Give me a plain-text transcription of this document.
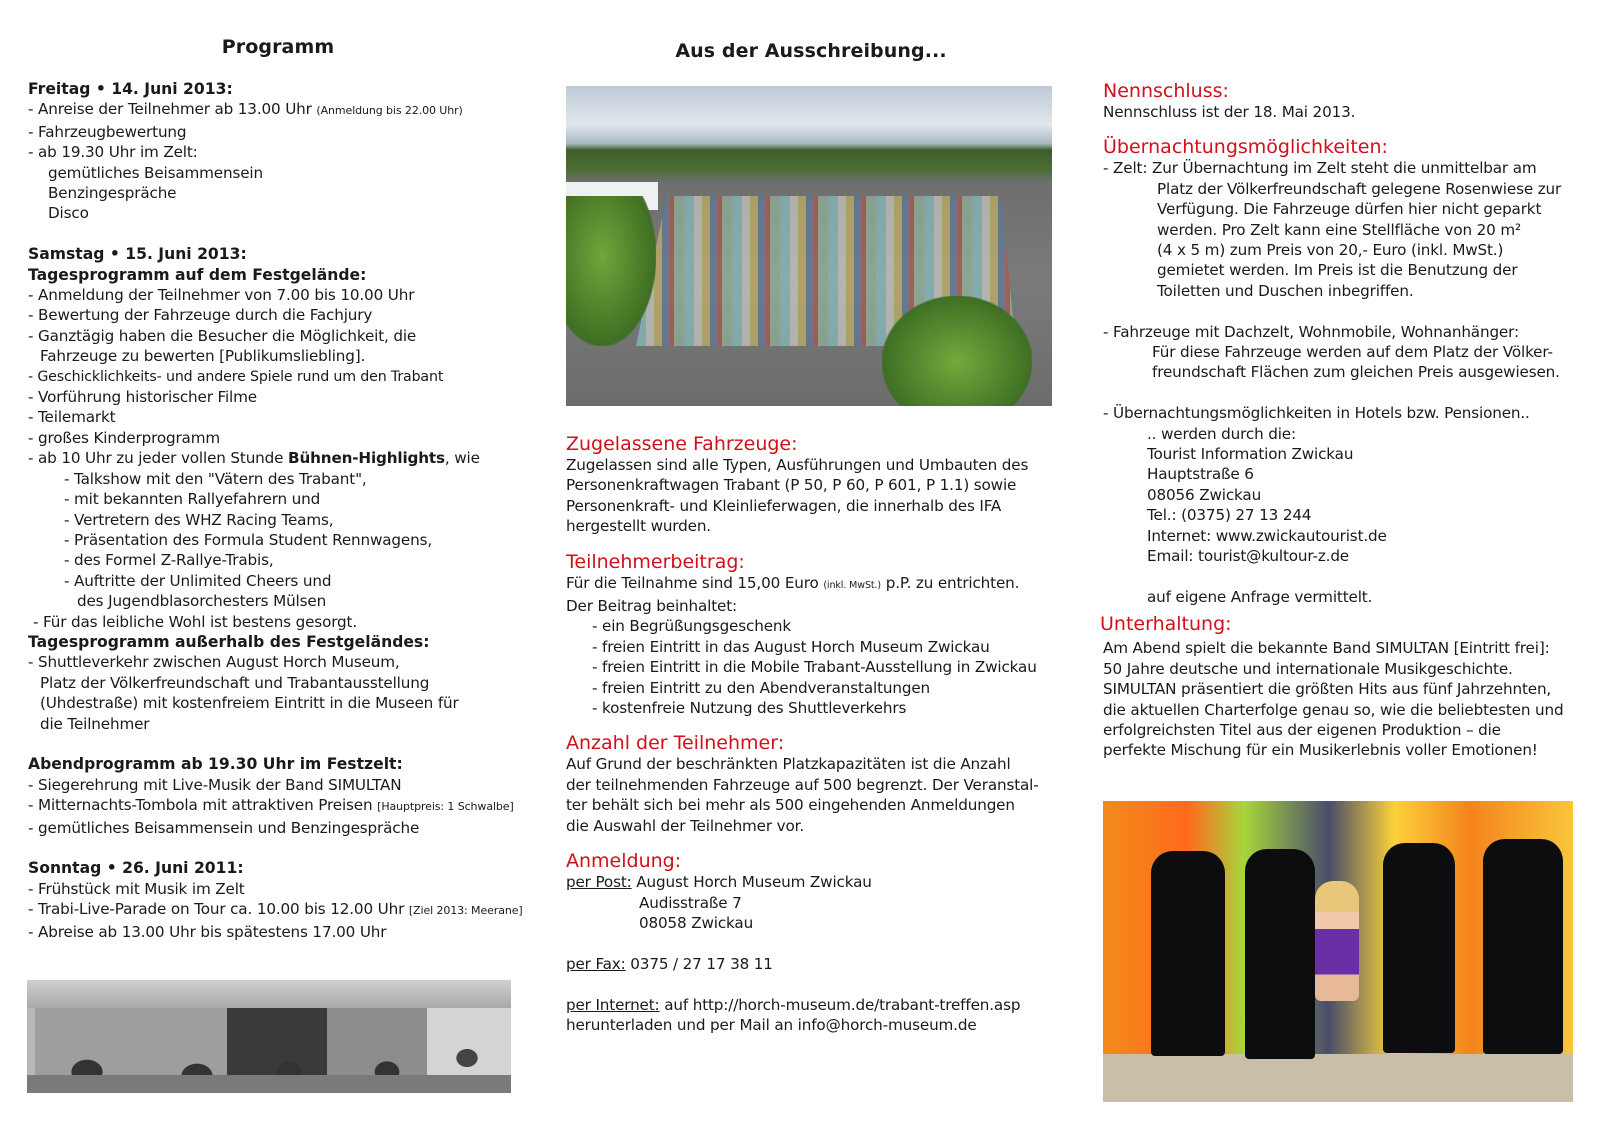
Programm
Freitag • 14. Juni 2013:
- Anreise der Teilnehmer ab 13.00 Uhr (Anmeldung bis 22.00 Uhr)
- Fahrzeugbewertung
- ab 19.30 Uhr im Zelt:
gemütliches Beisammensein
Benzingespräche
Disco
Samstag • 15. Juni 2013:
Tagesprogramm auf dem Festgelände:
- Anmeldung der Teilnehmer von 7.00 bis 10.00 Uhr
- Bewertung der Fahrzeuge durch die Fachjury
- Ganztägig haben die Besucher die Möglichkeit, die
Fahrzeuge zu bewerten [Publikumsliebling].
- Geschicklichkeits- und andere Spiele rund um den Trabant
- Vorführung historischer Filme
- Teilemarkt
- großes Kinderprogramm
- ab 10 Uhr zu jeder vollen Stunde Bühnen-Highlights, wie
- Talkshow mit den "Vätern des Trabant",
- mit bekannten Rallyefahrern und
- Vertretern des WHZ Racing Teams,
- Präsentation des Formula Student Rennwagens,
- des Formel Z-Rallye-Trabis,
- Auftritte der Unlimited Cheers und
des Jugendblasorchesters Mülsen
- Für das leibliche Wohl ist bestens gesorgt.
Tagesprogramm außerhalb des Festgeländes:
- Shuttleverkehr zwischen August Horch Museum,
Platz der Völkerfreundschaft und Trabantausstellung
(Uhdestraße) mit kostenfreiem Eintritt in die Museen für
die Teilnehmer
Abendprogramm ab 19.30 Uhr im Festzelt:
- Siegerehrung mit Live-Musik der Band SIMULTAN
- Mitternachts-Tombola mit attraktiven Preisen [Hauptpreis: 1 Schwalbe]
- gemütliches Beisammensein und Benzingespräche
Sonntag • 26. Juni 2011:
- Frühstück mit Musik im Zelt
- Trabi-Live-Parade on Tour ca. 10.00 bis 12.00 Uhr [Ziel 2013: Meerane]
- Abreise ab 13.00 Uhr bis spätestens 17.00 Uhr
Aus der Ausschreibung...
Zugelassene Fahrzeuge:
Zugelassen sind alle Typen, Ausführungen und Umbauten des
Personenkraftwagen Trabant (P 50, P 60, P 601, P 1.1) sowie
Personenkraft- und Kleinlieferwagen, die innerhalb des IFA
hergestellt wurden.
Teilnehmerbeitrag:
Für die Teilnahme sind 15,00 Euro (inkl. MwSt.) p.P. zu entrichten.
Der Beitrag beinhaltet:
- ein Begrüßungsgeschenk
- freien Eintritt in das August Horch Museum Zwickau
- freien Eintritt in die Mobile Trabant-Ausstellung in Zwickau
- freien Eintritt zu den Abendveranstaltungen
- kostenfreie Nutzung des Shuttleverkehrs
Anzahl der Teilnehmer:
Auf Grund der beschränkten Platzkapazitäten ist die Anzahl
der teilnehmenden Fahrzeuge auf 500 begrenzt. Der Veranstal-
ter behält sich bei mehr als 500 eingehenden Anmeldungen
die Auswahl der Teilnehmer vor.
Anmeldung:
per Post: August Horch Museum Zwickau
Audisstraße 7
08058 Zwickau
per Fax: 0375 / 27 17 38 11
per Internet: auf http://horch-museum.de/trabant-treffen.asp
herunterladen und per Mail an info@horch-museum.de
Nennschluss:
Nennschluss ist der 18. Mai 2013.
Übernachtungsmöglichkeiten:
- Zelt: Zur Übernachtung im Zelt steht die unmittelbar am
Platz der Völkerfreundschaft gelegene Rosenwiese zur
Verfügung. Die Fahrzeuge dürfen hier nicht geparkt
werden. Pro Zelt kann eine Stellfläche von 20 m²
(4 x 5 m) zum Preis von 20,- Euro (inkl. MwSt.)
gemietet werden. Im Preis ist die Benutzung der
Toiletten und Duschen inbegriffen.
- Fahrzeuge mit Dachzelt, Wohnmobile, Wohnanhänger:
Für diese Fahrzeuge werden auf dem Platz der Völker-
freundschaft Flächen zum gleichen Preis ausgewiesen.
- Übernachtungsmöglichkeiten in Hotels bzw. Pensionen..
.. werden durch die:
Tourist Information Zwickau
Hauptstraße 6
08056 Zwickau
Tel.: (0375) 27 13 244
Internet: www.zwickautourist.de
Email: tourist@kultour-z.de
auf eigene Anfrage vermittelt.
Unterhaltung:
Am Abend spielt die bekannte Band SIMULTAN [Eintritt frei]:
50 Jahre deutsche und internationale Musikgeschichte.
SIMULTAN präsentiert die größten Hits aus fünf Jahrzehnten,
die aktuellen Charterfolge genau so, wie die beliebtesten und
erfolgreichsten Titel aus der eigenen Produktion – die
perfekte Mischung für ein Musikerlebnis voller Emotionen!
